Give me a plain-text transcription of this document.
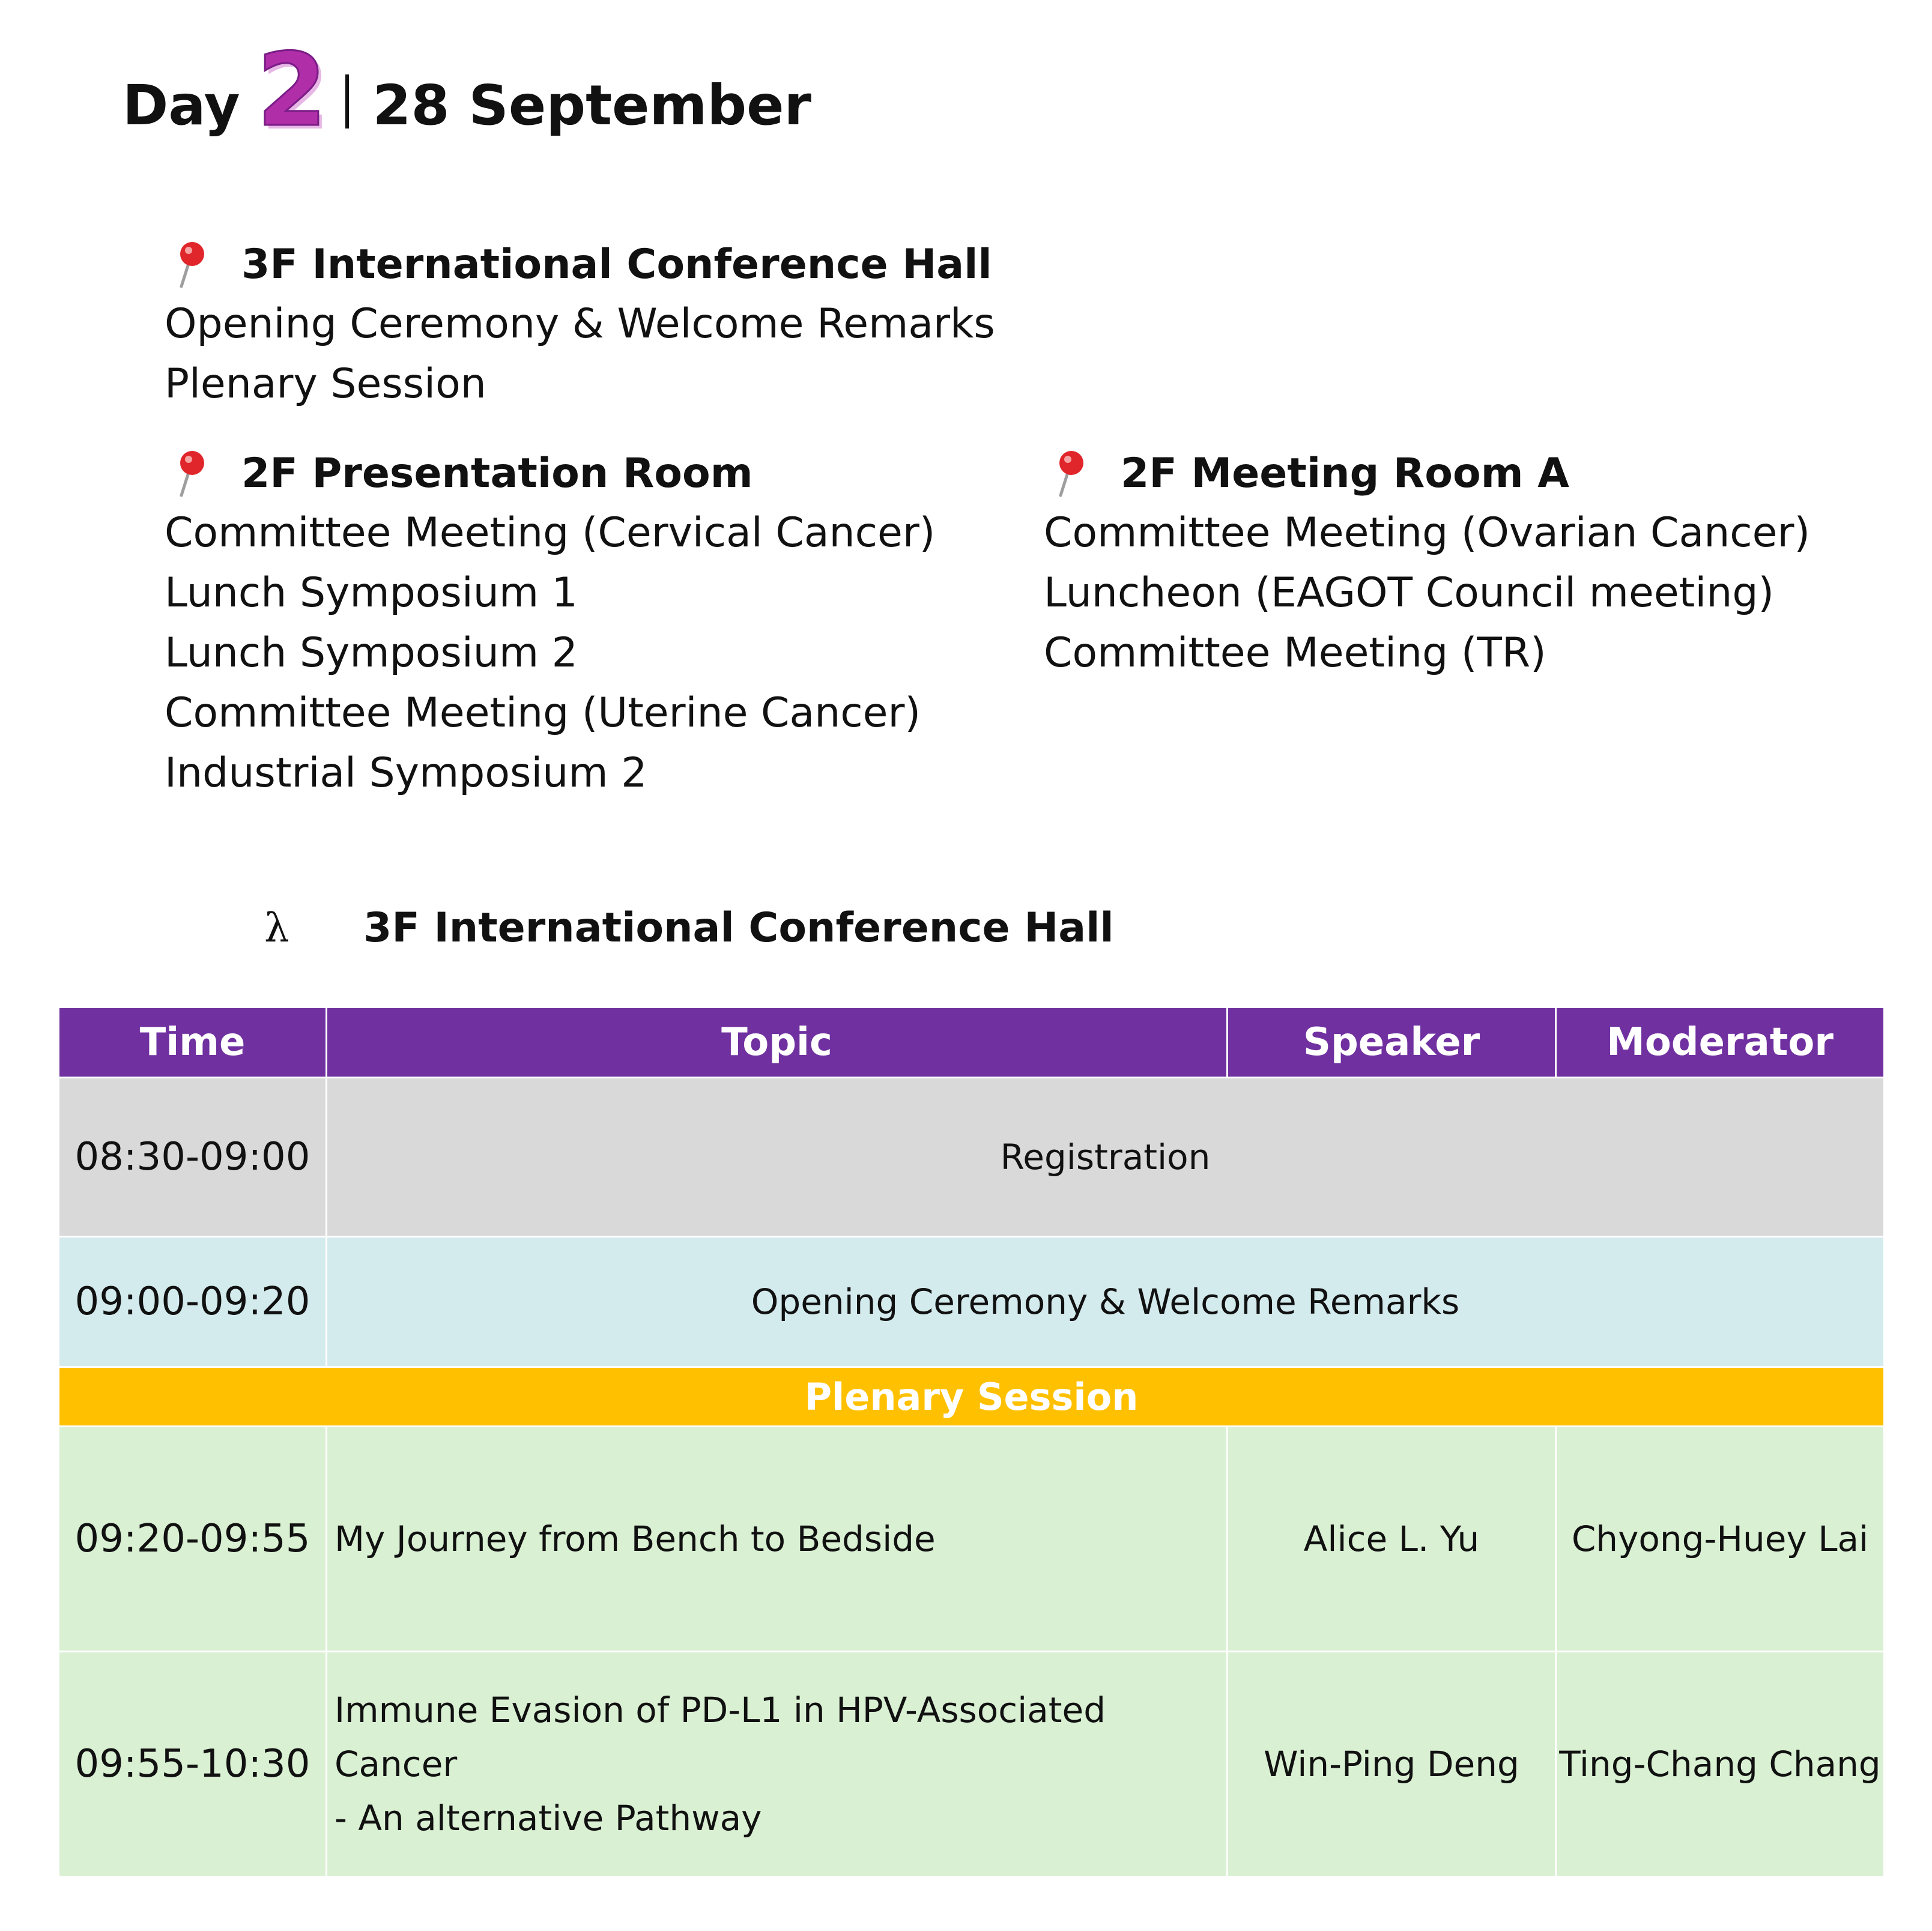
Day 2 28 September
3F International Conference Hall
Opening Ceremony & Welcome Remarks
Plenary Session
2F Presentation Room
Committee Meeting (Cervical Cancer)
Lunch Symposium 1
Lunch Symposium 2
Committee Meeting (Uterine Cancer)
Industrial Symposium 2
2F Meeting Room A
Committee Meeting (Ovarian Cancer)
Luncheon (EAGOT Council meeting)
Committee Meeting (TR)
λ	3F International Conference Hall
Time	Topic	Speaker	Moderator
08:30-09:00	Registration		
09:00-09:20	Opening Ceremony & Welcome Remarks		
Plenary Session			
09:20-09:55	My Journey from Bench to Bedside	Alice L. Yu	Chyong-Huey Lai
09:55-10:30	Immune Evasion of PD-L1 in HPV-Associated Cancer
- An alternative Pathway	Win-Ping Deng	Ting-Chang Chang
